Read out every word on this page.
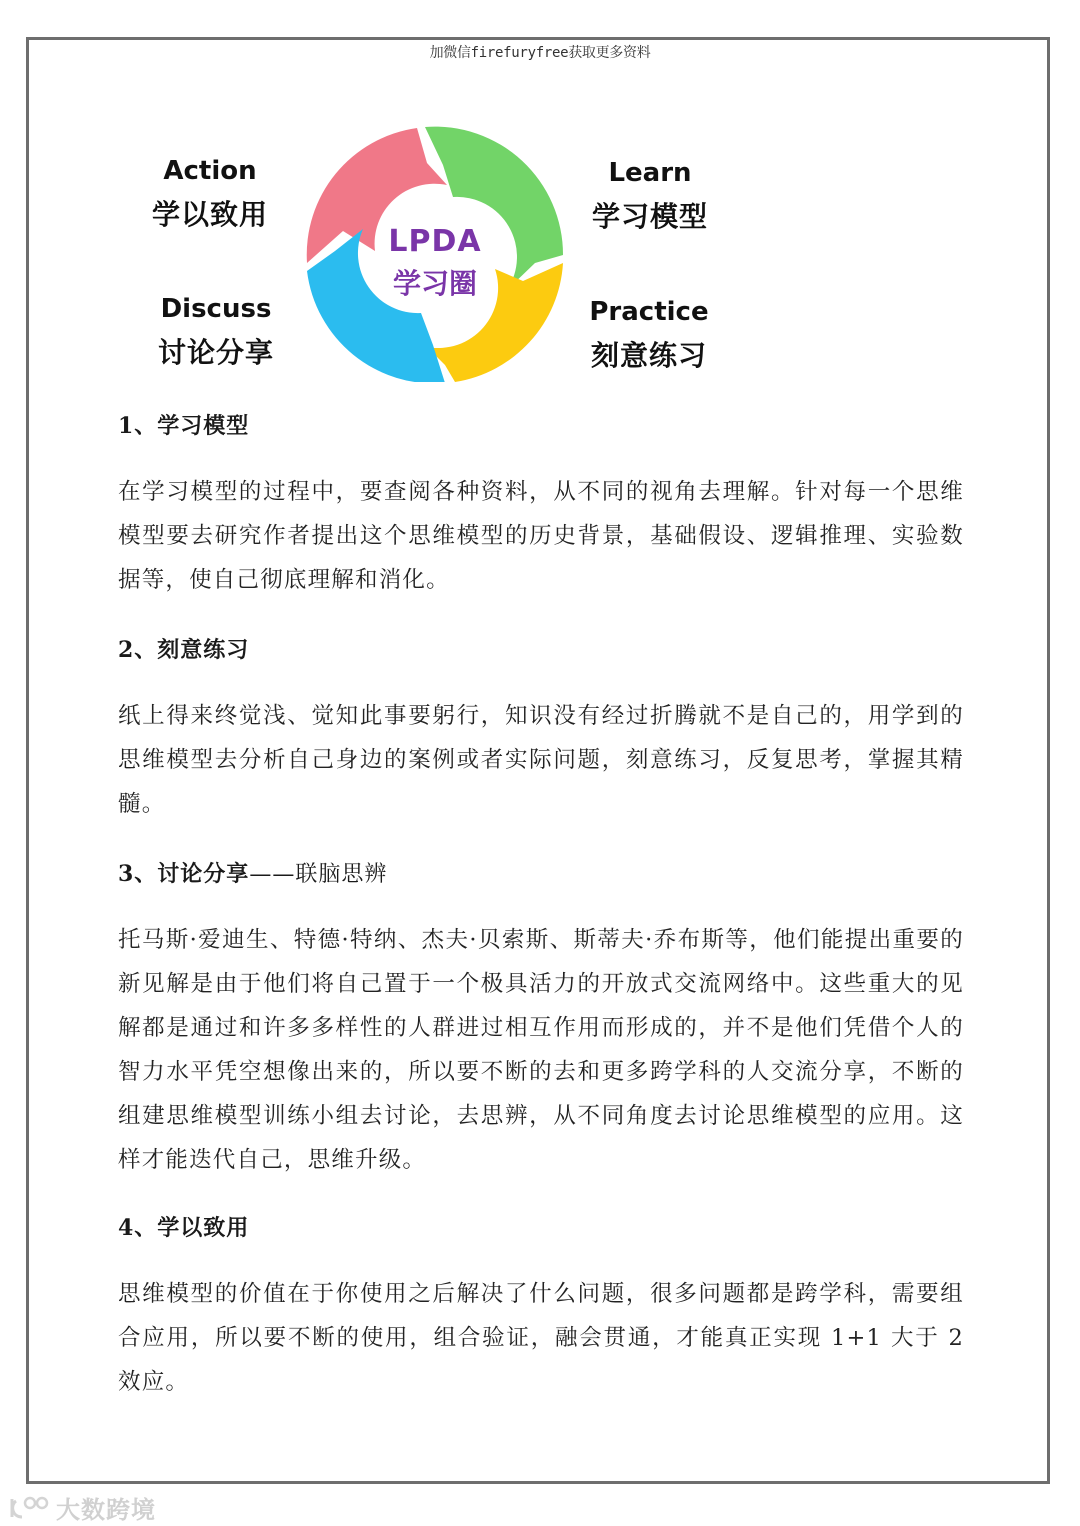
加微信firefuryfree获取更多资料
LPDA
学习圈
Action
学以致用
Learn
学习模型
Discuss
讨论分享
Practice
刻意练习
1、学习模型
在学习模型的过程中，要查阅各种资料，从不同的视角去理解。针对每一个思维模型要去研究作者提出这个思维模型的历史背景，基础假设、逻辑推理、实验数据等，使自己彻底理解和消化。
2、刻意练习
纸上得来终觉浅、觉知此事要躬行，知识没有经过折腾就不是自己的，用学到的思维模型去分析自己身边的案例或者实际问题，刻意练习，反复思考，掌握其精髓。
3、讨论分享——联脑思辨
托马斯·爱迪生、特德·特纳、杰夫·贝索斯、斯蒂夫·乔布斯等，他们能提出重要的新见解是由于他们将自己置于一个极具活力的开放式交流网络中。这些重大的见解都是通过和许多多样性的人群进过相互作用而形成的，并不是他们凭借个人的智力水平凭空想像出来的，所以要不断的去和更多跨学科的人交流分享，不断的组建思维模型训练小组去讨论，去思辨，从不同角度去讨论思维模型的应用。这样才能迭代自己，思维升级。
4、学以致用
思维模型的价值在于你使用之后解决了什么问题，很多问题都是跨学科，需要组合应用，所以要不断的使用，组合验证，融会贯通，才能真正实现 1+1 大于 2 效应。
大数跨境
